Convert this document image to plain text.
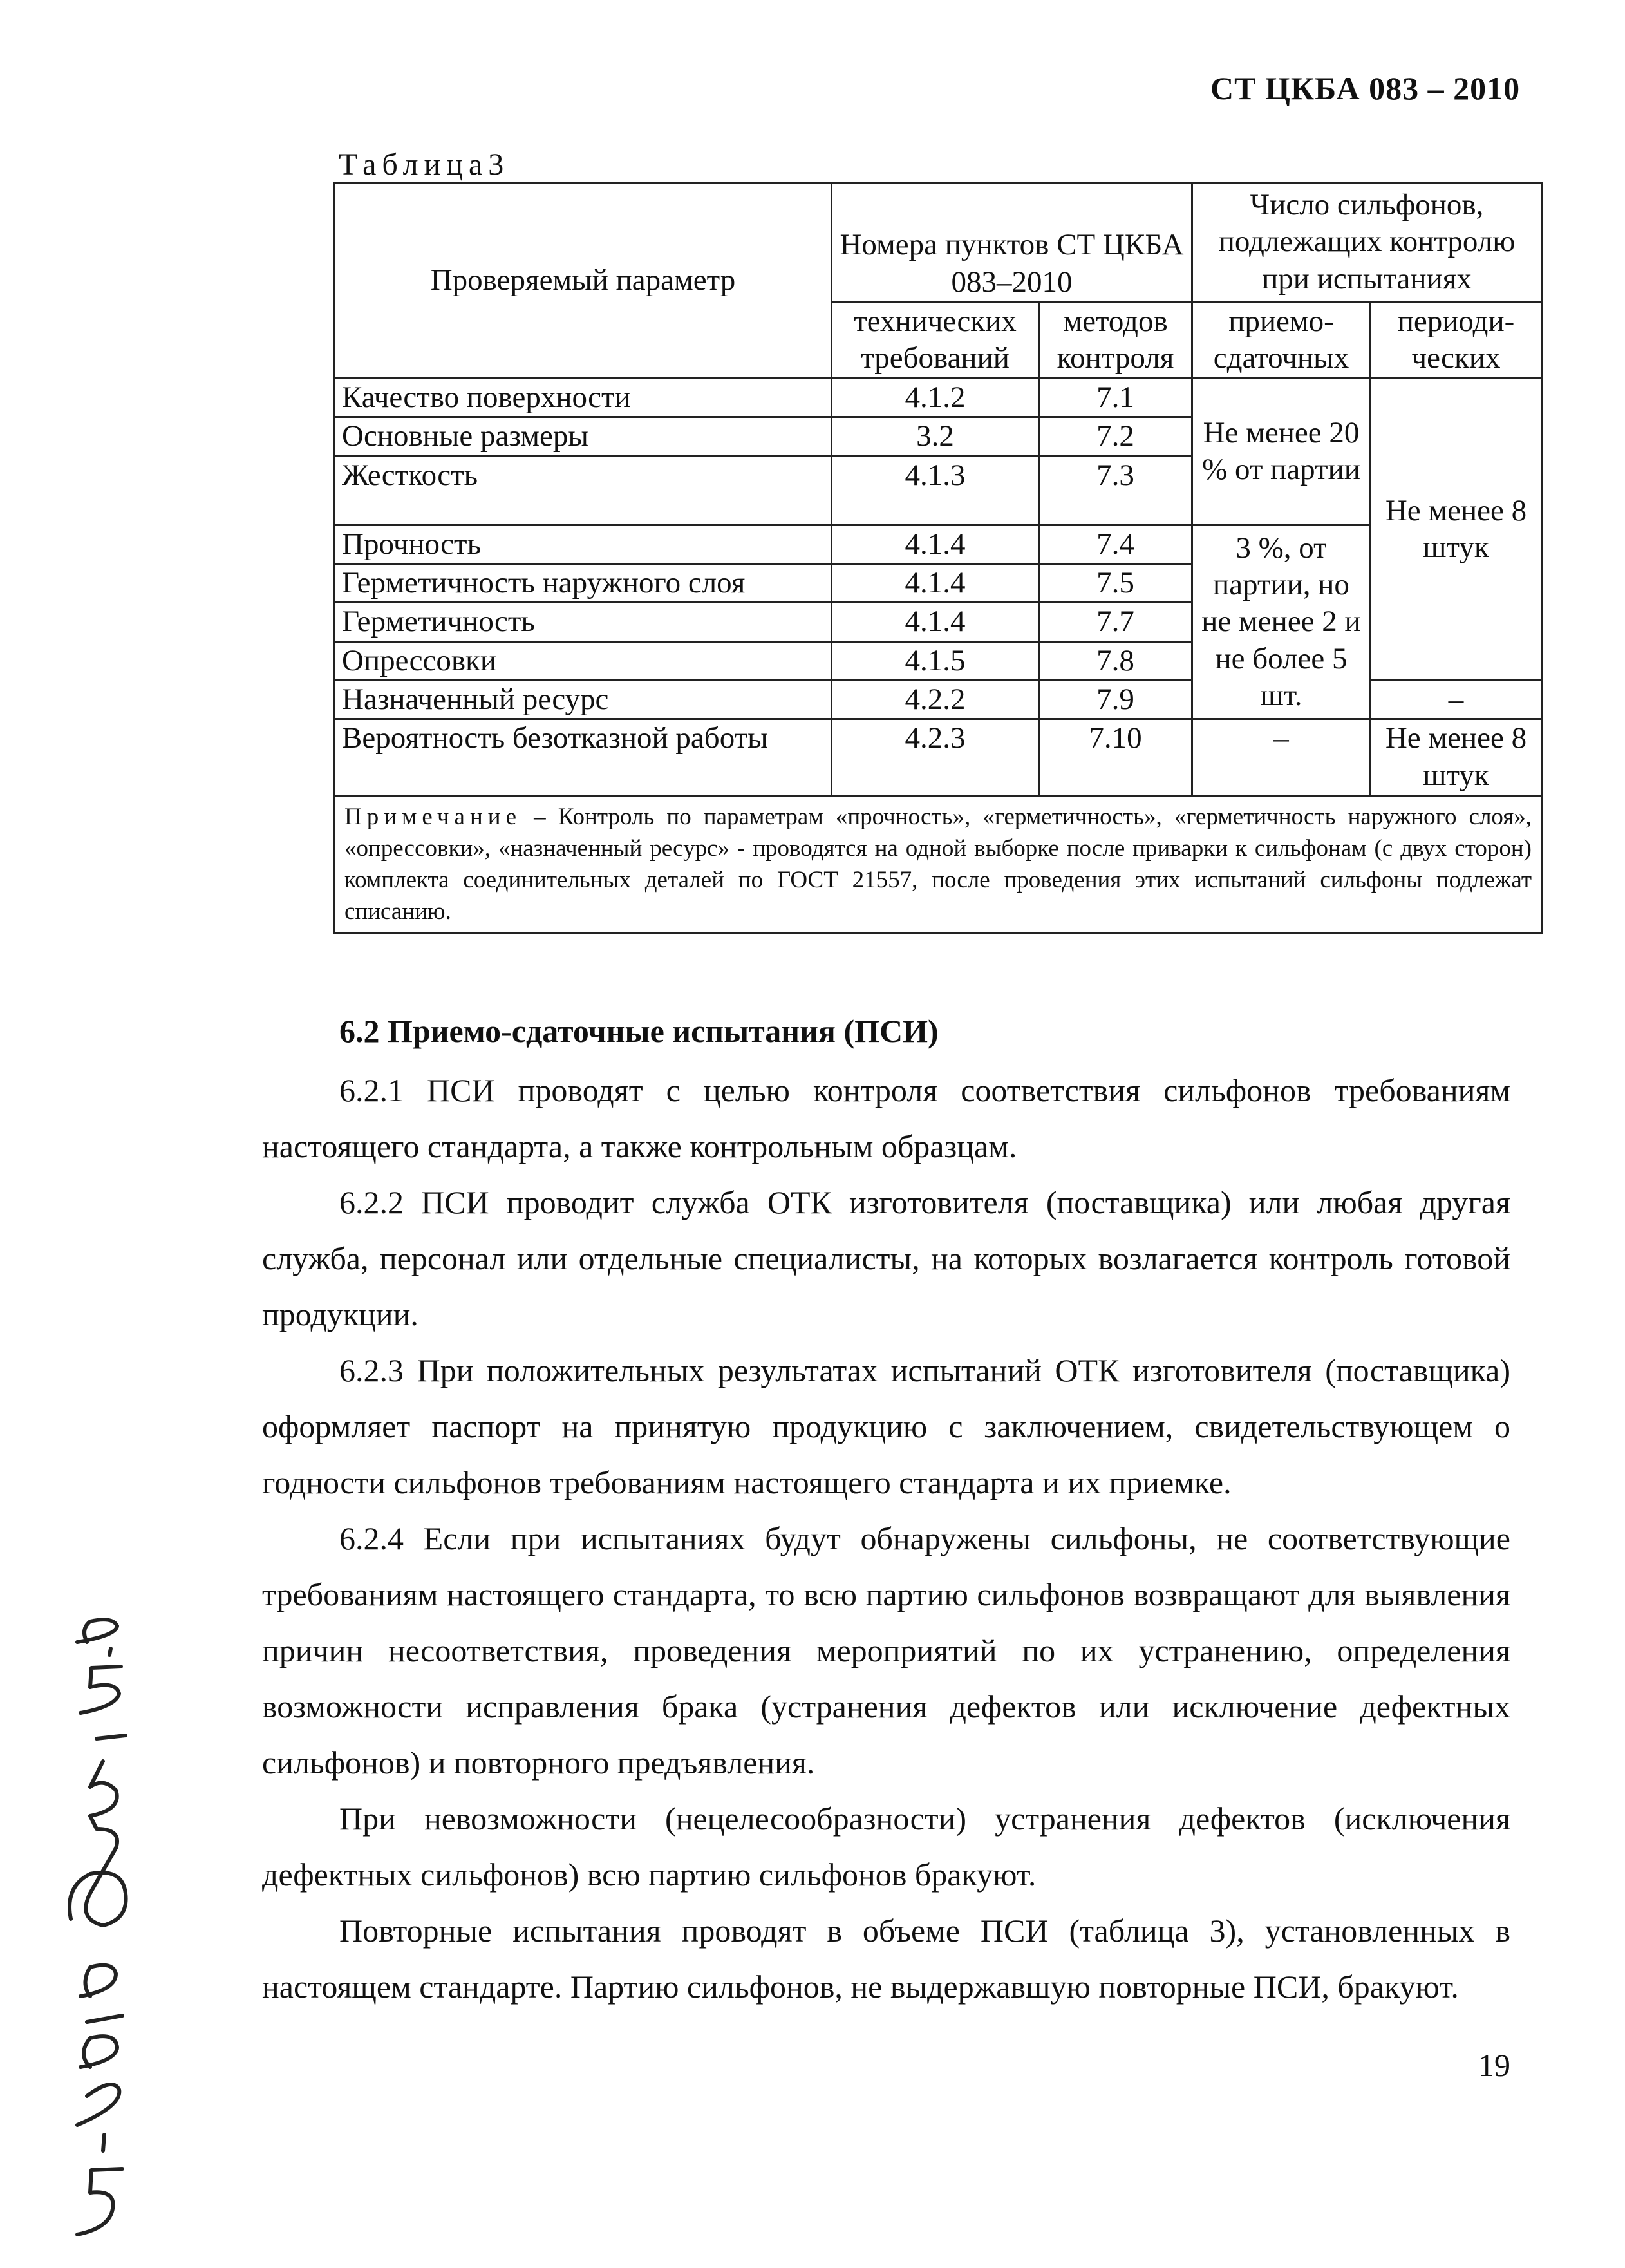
СТ ЦКБА 083 – 2010
Таблица3
Проверяемый параметр	Номера пунктов СТ ЦКБА 083–2010		Число сильфонов, подлежащих контролю при испытаниях	
	технических требований	методов контроля	приемо-сдаточных	периоди-ческих
Качество поверхности	4.1.2	7.1	Не менее 20 % от партии	Не менее 8 штук
Основные размеры	3.2	7.2		
Жесткость	4.1.3	7.3		
Прочность	4.1.4	7.4	3 %, от партии, но не менее 2 и не более 5 шт.	
Герметичность наружного слоя	4.1.4	7.5		
Герметичность	4.1.4	7.7		
Опрессовки	4.1.5	7.8		
Назначенный ресурс	4.2.2	7.9		–
Вероятность безотказной работы	4.2.3	7.10	–	Не менее 8 штук
Примечание – Контроль по параметрам «прочность», «герметичность», «герметичность наружного слоя», «опрессовки», «назначенный ресурс» - проводятся на одной выборке после приварки к сильфонам (с двух сторон) комплекта соединительных деталей по ГОСТ 21557, после проведения этих испытаний сильфоны подлежат списанию.				
6.2 Приемо-сдаточные испытания (ПСИ)

6.2.1 ПСИ проводят с целью контроля соответствия сильфонов требованиям настоящего стандарта, а также контрольным образцам.

6.2.2 ПСИ проводит служба ОТК изготовителя (поставщика) или любая другая служба, персонал или отдельные специалисты, на которых возлагается контроль готовой продукции.

6.2.3 При положительных результатах испытаний ОТК изготовителя (поставщика) оформляет паспорт на принятую продукцию с заключением, свидетельствующем о годности сильфонов требованиям настоящего стандарта и их приемке.

6.2.4 Если при испытаниях будут обнаружены сильфоны, не соответствующие требованиям настоящего стандарта, то всю партию сильфонов возвращают для выявления причин несоответствия, проведения мероприятий по их устранению, определения возможности исправления брака (устранения дефектов или исключение дефектных сильфонов) и повторного предъявления.

При невозможности (нецелесообразности) устранения дефектов (исключения дефектных сильфонов) всю партию сильфонов бракуют.

Повторные испытания проводят в объеме ПСИ (таблица 3), установленных в настоящем стандарте. Партию сильфонов, не выдержавшую повторные ПСИ, бракуют.

19
